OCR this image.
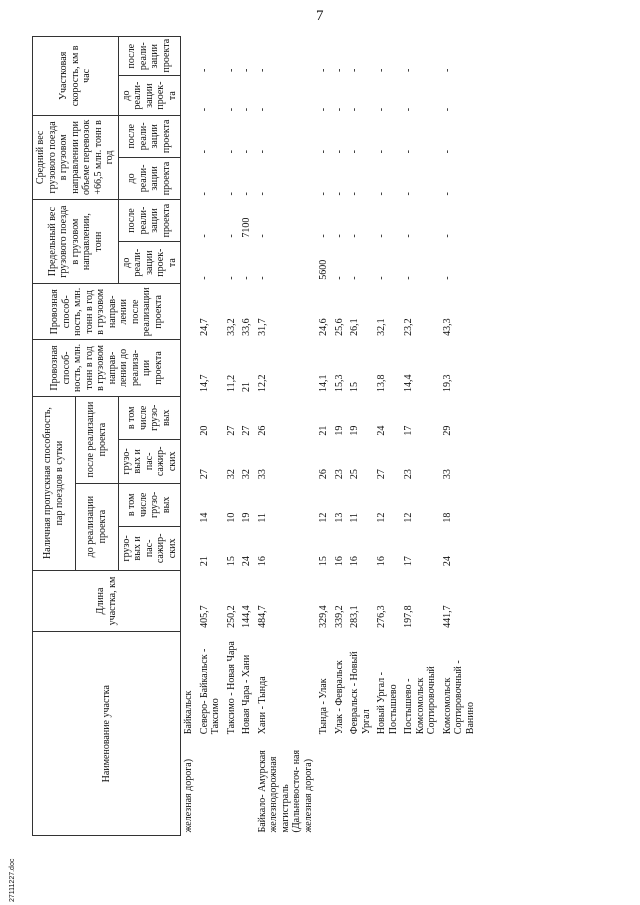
7
Наименование участка		Длина участка, км	Наличная пропускная способность, пар поездов в сутки				Провозная способ- ность, млн. тонн в год в грузовом направ- лении до реализа- ции проекта	Провозная способ- ность, млн. тонн в год в грузовом направ- лении после реализации проекта	Предельный вес грузового поезда в грузовом направлении, тонн		Средний вес грузового поезда в грузовом направлении при объеме перевозок +66,5 млн. тонн в год		Участковая скорость, км в час	
			до реализации проекта		после реализации проекта									
			грузо- вых и пас- сажир- ских	в том числе грузо- вых	грузо- вых и пас- сажир- ских	в том числе грузо- вых			до реали- зации проек- та	после реали- зации проекта	до реали- зации проекта	после реали- зации проекта	до реали- зации проек- та	после реали- зации проекта
железная дорога)	Байкальск													
	Северо- Байкальск - Таксимо	405,7	21	14	27	20	14,7	24,7	-	-	-	-	-	-
	Таксимо - Новая Чара	250,2	15	10	32	27	11,2	33,2	-	-	-	-	-	-
	Новая Чара - Хани	144,4	24	19	32	27	21	33,6	-	7100	-	-	-	-
Байкало- Амурская железнодорожная магистраль (Дальневосточ- ная железная дорога)	Хани - Тында	484,7	16	11	33	26	12,2	31,7	-	-	-	-	-	-
	Тында - Улак	329,4	15	12	26	21	14,1	24,6	5600	-	-	-	-	-
	Улак - Февральск	339,2	16	13	23	19	15,3	25,6	-	-	-	-	-	-
	Февральск - Новый Ургал	283,1	16	11	25	19	15	26,1	-	-	-	-	-	-
	Новый Ургал - Постышево	276,3	16	12	27	24	13,8	32,1	-	-	-	-	-	-
	Постышево - Комсомольск Сортировочный	197,8	17	12	23	17	14,4	23,2	-	-	-	-	-	-
	Комсомольск Сортировочный - Ванино	441,7	24	18	33	29	19,3	43,3	-	-	-	-	-	-
27111227.doc
